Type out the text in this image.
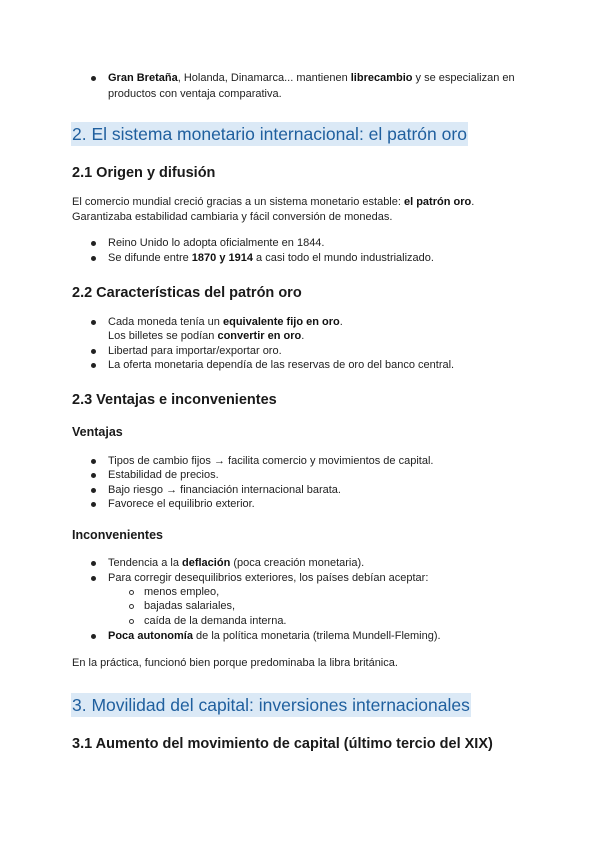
Gran Bretaña, Holanda, Dinamarca... mantienen librecambio y se especializan en
productos con ventaja comparativa.
2. El sistema monetario internacional: el patrón oro
2.1 Origen y difusión
El comercio mundial creció gracias a un sistema monetario estable: el patrón oro.
Garantizaba estabilidad cambiaria y fácil conversión de monedas.
Reino Unido lo adopta oficialmente en 1844.
Se difunde entre 1870 y 1914 a casi todo el mundo industrializado.
2.2 Características del patrón oro
Cada moneda tenía un equivalente fijo en oro.
Los billetes se podían convertir en oro.
Libertad para importar/exportar oro.
La oferta monetaria dependía de las reservas de oro del banco central.
2.3 Ventajas e inconvenientes
Ventajas
Tipos de cambio fijos → facilita comercio y movimientos de capital.
Estabilidad de precios.
Bajo riesgo → financiación internacional barata.
Favorece el equilibrio exterior.
Inconvenientes
Tendencia a la deflación (poca creación monetaria).
Para corregir desequilibrios exteriores, los países debían aceptar:
menos empleo,
bajadas salariales,
caída de la demanda interna.
Poca autonomía de la política monetaria (trilema Mundell-Fleming).
En la práctica, funcionó bien porque predominaba la libra británica.
3. Movilidad del capital: inversiones internacionales
3.1 Aumento del movimiento de capital (último tercio del XIX)
